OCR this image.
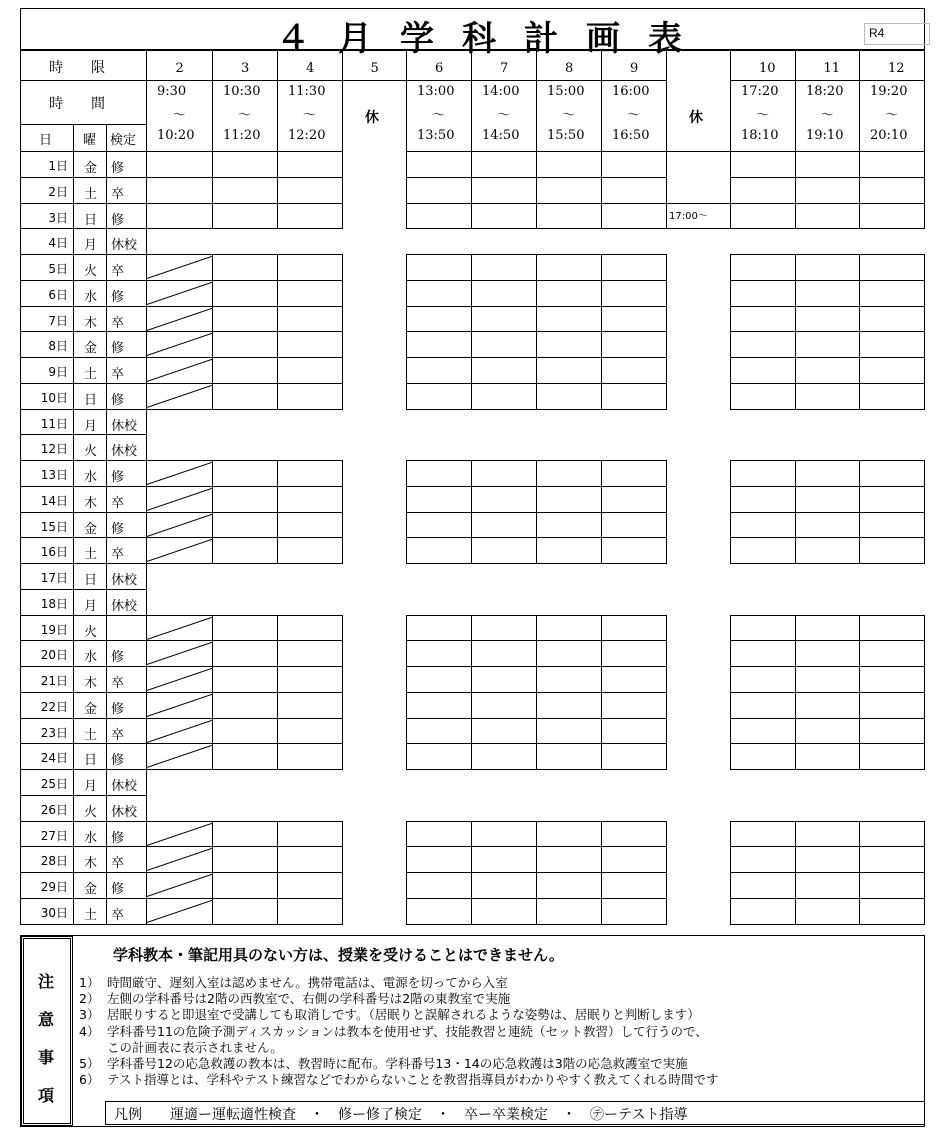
４月学科計画表	R4
時　　限
時　　間
日 曜 検定
2
9:30
～
10:20
3
10:30
～
11:20
4
11:30
～
12:20
5
休
6
13:00
～
13:50
7
14:00
～
14:50
8
15:00
～
15:50
9
16:00
～
16:50
休
10
17:20
～
18:10
11
18:20
～
19:10
12
19:20
～
20:10
1日 金 修
2日 土 卒
3日 日 修
4日 月 休校
5日 火 卒
6日 水 修
7日 木 卒
8日 金 修
9日 土 卒
10日 日 修
11日 月 休校
12日 火 休校
13日 水 修
14日 木 卒
15日 金 修
16日 土 卒
17日 日 休校
18日 月 休校
19日 火
20日 水 修
21日 木 卒
22日 金 修
23日 土 卒
24日 日 修
25日 月 休校
26日 火 休校
27日 水 修
28日 木 卒
29日 金 修
30日 土 卒
17:00～
注
意
事
項
学科教本・筆記用具のない方は、授業を受けることはできません。
1） 時間厳守、遅刻入室は認めません。携帯電話は、電源を切ってから入室
2） 左側の学科番号は2階の西教室で、右側の学科番号は2階の東教室で実施
3） 居眠りすると即退室で受講しても取消しです。（居眠りと誤解されるような姿勢は、居眠りと判断します）
4） 学科番号11の危険予測ディスカッションは教本を使用せず、技能教習と連続（セット教習）して行うので、
この計画表に表示されません。
5） 学科番号12の応急救護の教本は、教習時に配布。学科番号13・14の応急救護は3階の応急救護室で実施
6） テスト指導とは、学科やテスト練習などでわからないことを教習指導員がわかりやすく教えてくれる時間です
凡例　　運適ー運転適性検査　・　修ー修了検定　・　卒ー卒業検定　・　㋢ーテスト指導
